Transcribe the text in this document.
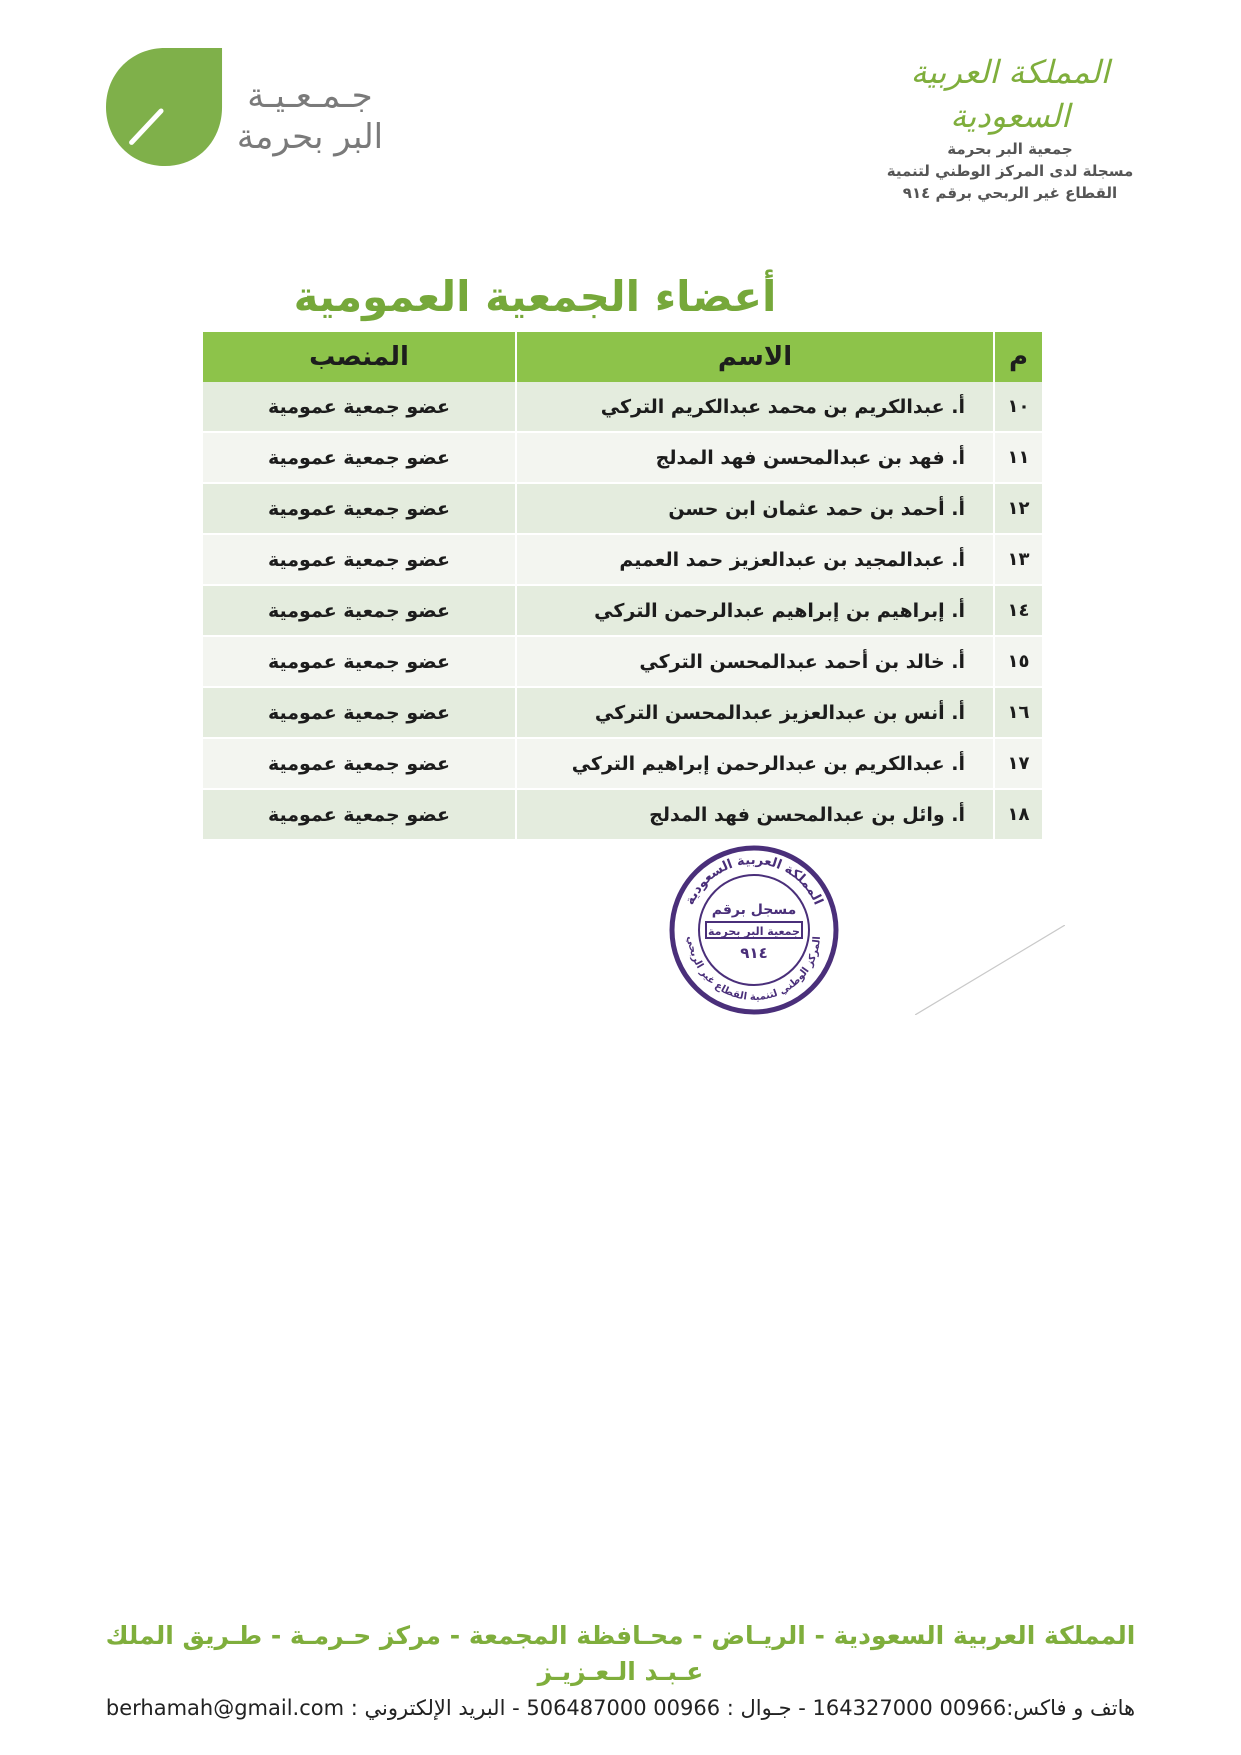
جـمـعـيـة
البر بحرمة
المملكة العربية السعودية
جمعية البر بحرمة
مسجلة لدى المركز الوطني لتنمية
القطاع غير الربحي برقم ٩١٤
أعضاء الجمعية العمومية
م	الاسم	المنصب
١٠	أ. عبدالكريم بن محمد عبدالكريم التركي	عضو جمعية عمومية
١١	أ. فهد بن عبدالمحسن فهد المدلج	عضو جمعية عمومية
١٢	أ. أحمد بن حمد عثمان ابن حسن	عضو جمعية عمومية
١٣	أ. عبدالمجيد بن عبدالعزيز حمد العميم	عضو جمعية عمومية
١٤	أ. إبراهيم بن إبراهيم عبدالرحمن التركي	عضو جمعية عمومية
١٥	أ. خالد بن أحمد عبدالمحسن التركي	عضو جمعية عمومية
١٦	أ. أنس بن عبدالعزيز عبدالمحسن التركي	عضو جمعية عمومية
١٧	أ. عبدالكريم بن عبدالرحمن إبراهيم التركي	عضو جمعية عمومية
١٨	أ. وائل بن عبدالمحسن فهد المدلج	عضو جمعية عمومية
المملكة العربية السعودية
المركز الوطني لتنمية القطاع غير الربحي
مسجل برقم
جمعية البر بحرمة
٩١٤
المملكة العربية السعودية - الريـاض - محـافظة المجمعة - مركز حـرمـة - طـريق الملك عـبـد الـعـزيـز
هاتف و فاكس:00966 164327000 - جـوال : 00966 506487000 - البريد الإلكتروني : berhamah@gmail.com
